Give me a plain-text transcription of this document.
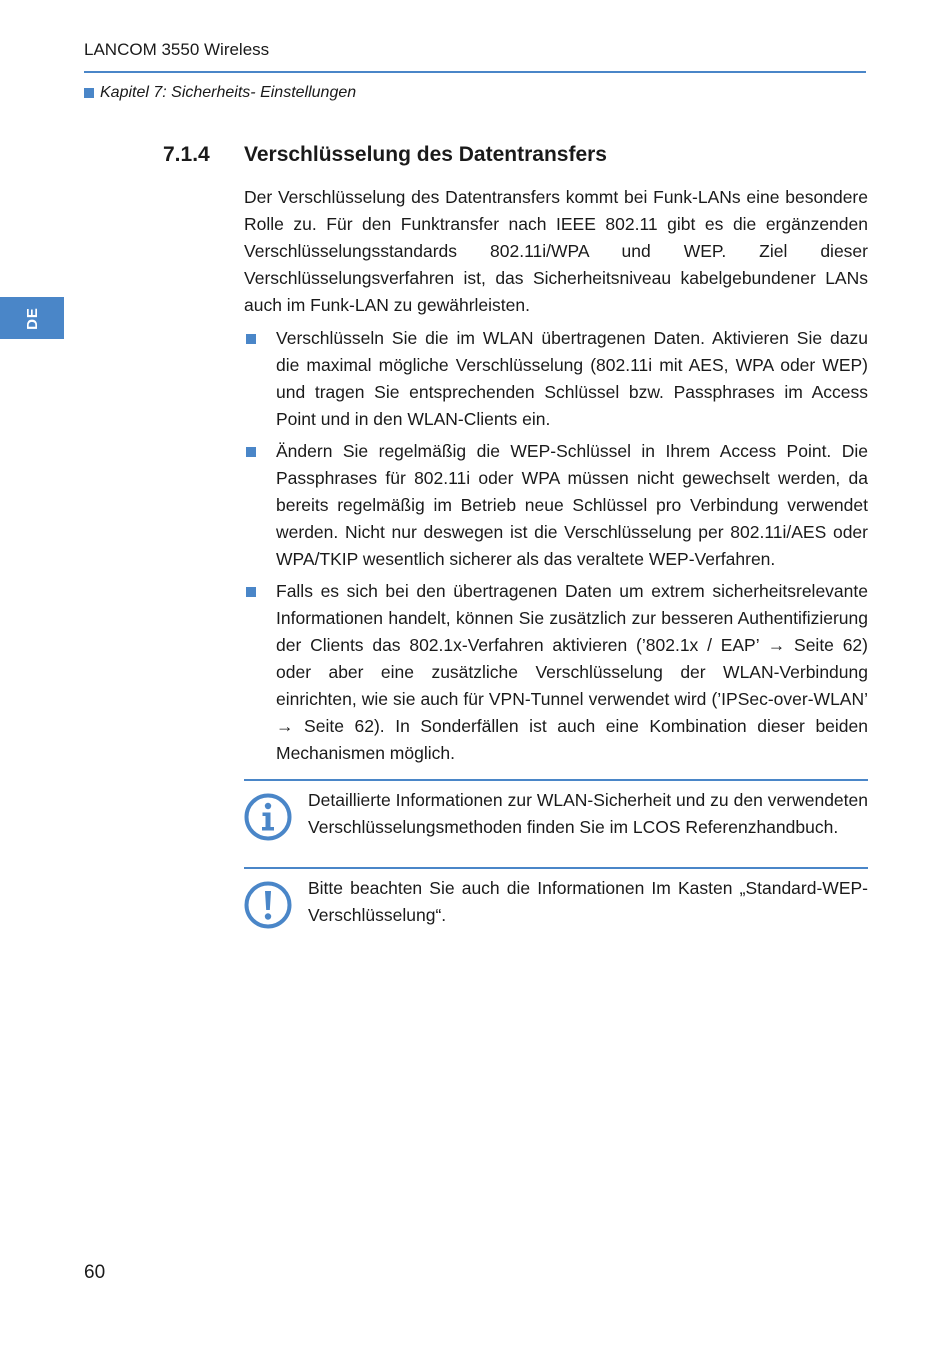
LANCOM 3550 Wireless
Kapitel 7: Sicherheits- Einstellungen
DE
7.1.4	Verschlüsselung des Datentransfers

Der Verschlüsselung des Datentransfers kommt bei Funk-LANs eine besondere Rolle zu. Für den Funktransfer nach IEEE 802.11 gibt es die ergänzenden Verschlüsselungsstandards 802.11i/WPA und WEP. Ziel dieser Verschlüsselungsverfahren ist, das Sicherheitsniveau kabelgebundener LANs auch im Funk-LAN zu gewährleisten.

Verschlüsseln Sie die im WLAN übertragenen Daten. Aktivieren Sie dazu die maximal mögliche Verschlüsselung (802.11i mit AES, WPA oder WEP) und tragen Sie entsprechenden Schlüssel bzw. Passphrases im Access Point und in den WLAN-Clients ein.
Ändern Sie regelmäßig die WEP-Schlüssel in Ihrem Access Point. Die Passphrases für 802.11i oder WPA müssen nicht gewechselt werden, da bereits regelmäßig im Betrieb neue Schlüssel pro Verbindung verwendet werden. Nicht nur deswegen ist die Verschlüsselung per 802.11i/AES oder WPA/TKIP wesentlich sicherer als das veraltete WEP-Verfahren.
Falls es sich bei den übertragenen Daten um extrem sicherheitsrelevante Informationen handelt, können Sie zusätzlich zur besseren Authentifizierung der Clients das 802.1x-Verfahren aktivieren (’802.1x / EAP’ → Seite 62) oder aber eine zusätzliche Verschlüsselung der WLAN-Verbindung einrichten, wie sie auch für VPN-Tunnel verwendet wird (’IPSec-over-WLAN’ → Seite 62). In Sonderfällen ist auch eine Kombination dieser beiden Mechanismen möglich.

Detaillierte Informationen zur WLAN-Sicherheit und zu den verwendeten Verschlüsselungsmethoden finden Sie im LCOS Referenzhandbuch.

Bitte beachten Sie auch die Informationen Im Kasten „Standard-WEP-Verschlüsselung“.

60
